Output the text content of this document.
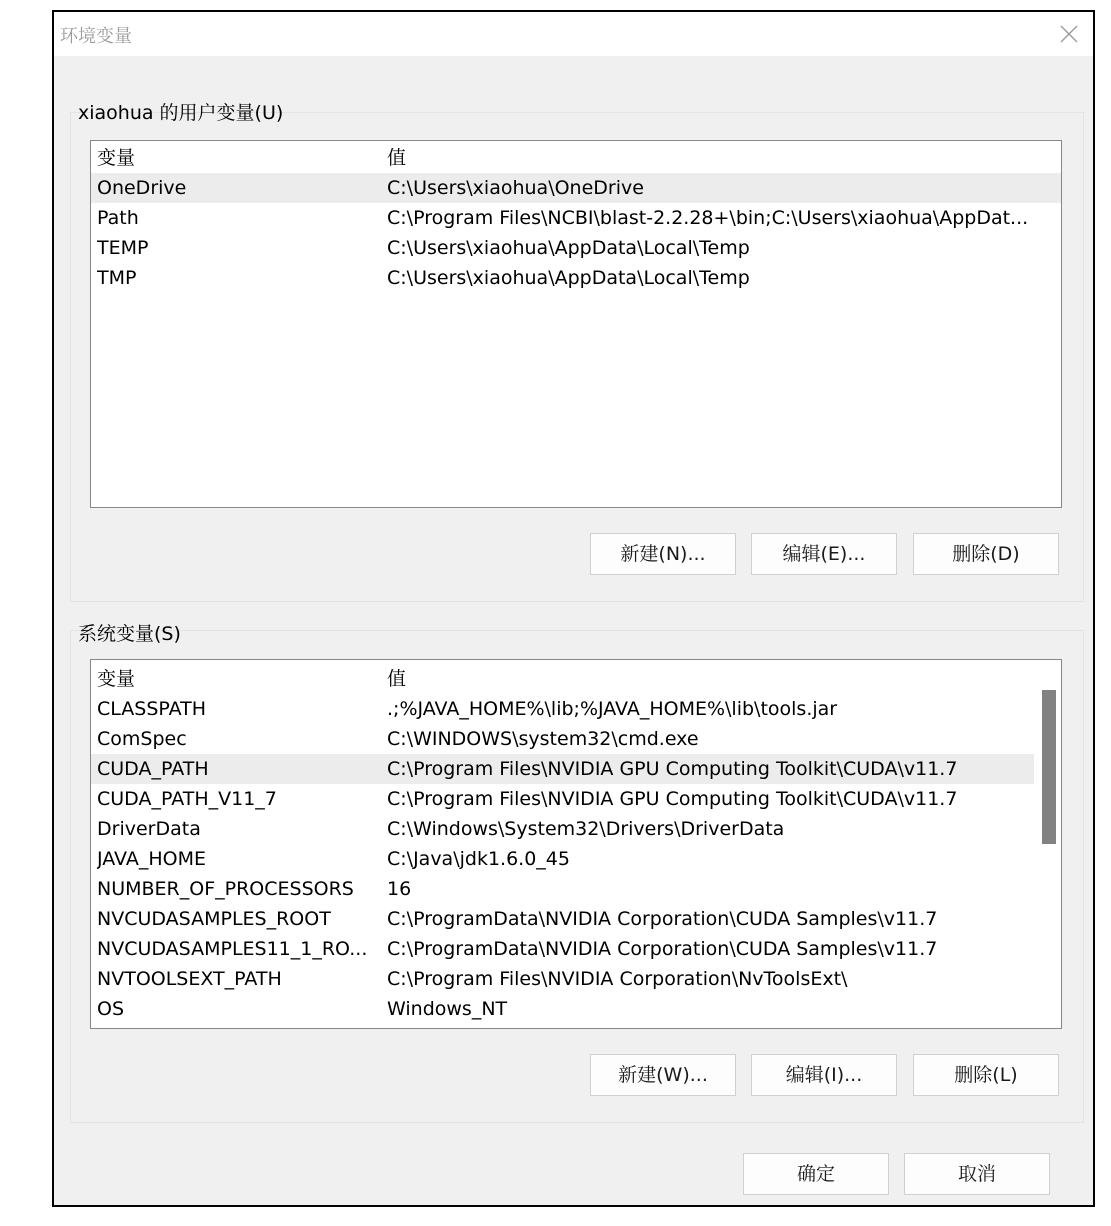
环境变量
xiaohua 的用户变量(U)
变量	值
OneDrive	C:\Users\xiaohua\OneDrive
Path	C:\Program Files\NCBI\blast-2.2.28+\bin;C:\Users\xiaohua\AppDat...
TEMP	C:\Users\xiaohua\AppData\Local\Temp
TMP	C:\Users\xiaohua\AppData\Local\Temp
新建(N)...	编辑(E)...	删除(D)
系统变量(S)
变量	值
CLASSPATH	.;%JAVA_HOME%\lib;%JAVA_HOME%\lib\tools.jar
ComSpec	C:\WINDOWS\system32\cmd.exe
CUDA_PATH	C:\Program Files\NVIDIA GPU Computing Toolkit\CUDA\v11.7
CUDA_PATH_V11_7	C:\Program Files\NVIDIA GPU Computing Toolkit\CUDA\v11.7
DriverData	C:\Windows\System32\Drivers\DriverData
JAVA_HOME	C:\Java\jdk1.6.0_45
NUMBER_OF_PROCESSORS	16
NVCUDASAMPLES_ROOT	C:\ProgramData\NVIDIA Corporation\CUDA Samples\v11.7
NVCUDASAMPLES11_1_RO...	C:\ProgramData\NVIDIA Corporation\CUDA Samples\v11.7
NVTOOLSEXT_PATH	C:\Program Files\NVIDIA Corporation\NvToolsExt\
OS	Windows_NT
新建(W)...	编辑(I)...	删除(L)
确定	取消
